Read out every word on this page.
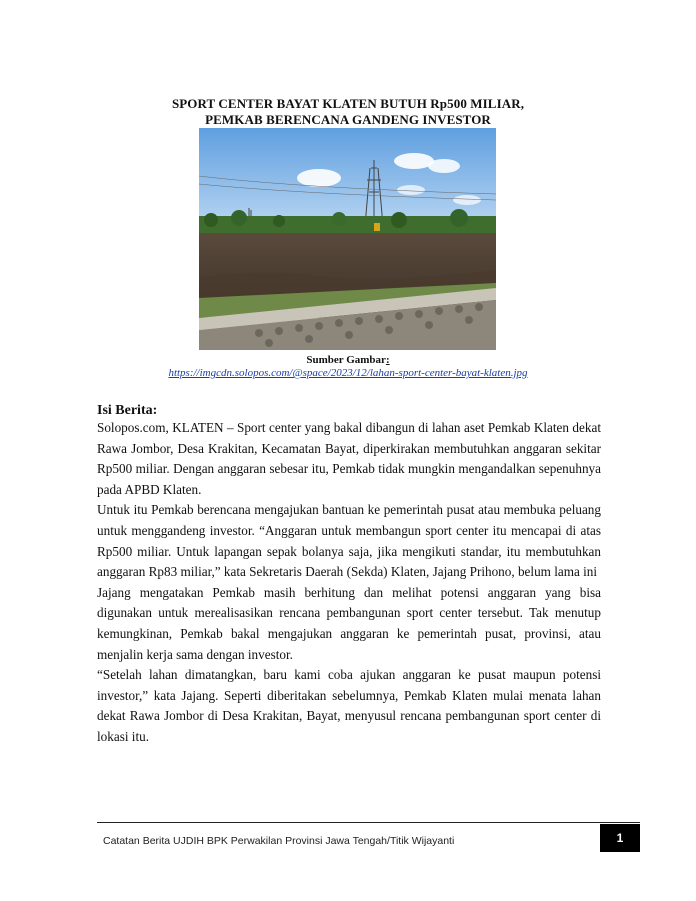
SPORT CENTER BAYAT KLATEN BUTUH Rp500 MILIAR,
PEMKAB BERENCANA GANDENG INVESTOR
Sumber Gambar:
https://imgcdn.solopos.com/@space/2023/12/lahan-sport-center-bayat-klaten.jpg
Isi Berita:

Solopos.com, KLATEN – Sport center yang bakal dibangun di lahan aset Pemkab Klaten dekat Rawa Jombor, Desa Krakitan, Kecamatan Bayat, diperkirakan membutuhkan anggaran sekitar Rp500 miliar. Dengan anggaran sebesar itu, Pemkab tidak mungkin mengandalkan sepenuhnya pada APBD Klaten.

Untuk itu Pemkab berencana mengajukan bantuan ke pemerintah pusat atau membuka peluang untuk menggandeng investor. “Anggaran untuk membangun sport center itu mencapai di atas Rp500 miliar. Untuk lapangan sepak bolanya saja, jika mengikuti standar, itu membutuhkan anggaran Rp83 miliar,” kata Sekretaris Daerah (Sekda) Klaten, Jajang Prihono, belum lama ini

Jajang mengatakan Pemkab masih berhitung dan melihat potensi anggaran yang bisa digunakan untuk merealisasikan rencana pembangunan sport center tersebut. Tak menutup kemungkinan, Pemkab bakal mengajukan anggaran ke pemerintah pusat, provinsi, atau menjalin kerja sama dengan investor.

“Setelah lahan dimatangkan, baru kami coba ajukan anggaran ke pusat maupun potensi investor,” kata Jajang. Seperti diberitakan sebelumnya, Pemkab Klaten mulai menata lahan dekat Rawa Jombor di Desa Krakitan, Bayat, menyusul rencana pembangunan sport center di lokasi itu.

Catatan Berita UJDIH BPK Perwakilan Provinsi Jawa Tengah/Titik Wijayanti	1
